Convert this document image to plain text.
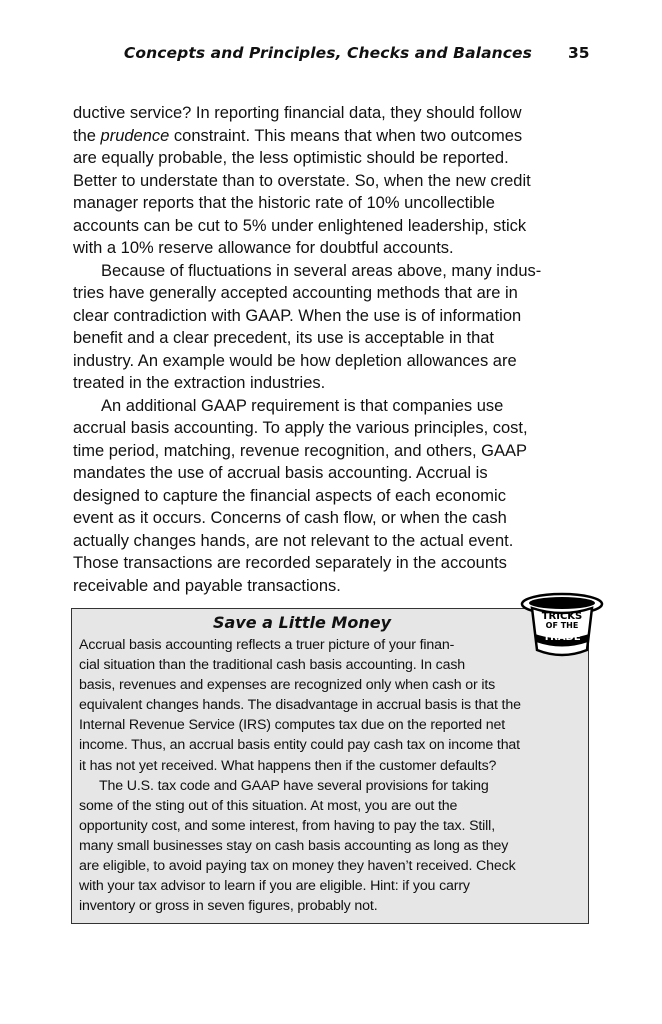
Concepts and Principles, Checks and Balances 35
ductive service? In reporting financial data, they should follow
the prudence constraint. This means that when two outcomes
are equally probable, the less optimistic should be reported.
Better to understate than to overstate. So, when the new credit
manager reports that the historic rate of 10% uncollectible
accounts can be cut to 5% under enlightened leadership, stick
with a 10% reserve allowance for doubtful accounts.
Because of fluctuations in several areas above, many indus-
tries have generally accepted accounting methods that are in
clear contradiction with GAAP. When the use is of information
benefit and a clear precedent, its use is acceptable in that
industry. An example would be how depletion allowances are
treated in the extraction industries.
An additional GAAP requirement is that companies use
accrual basis accounting. To apply the various principles, cost,
time period, matching, revenue recognition, and others, GAAP
mandates the use of accrual basis accounting. Accrual is
designed to capture the financial aspects of each economic
event as it occurs. Concerns of cash flow, or when the cash
actually changes hands, are not relevant to the actual event.
Those transactions are recorded separately in the accounts
receivable and payable transactions.
Save a Little Money
Accrual basis accounting reflects a truer picture of your finan-
cial situation than the traditional cash basis accounting. In cash
basis, revenues and expenses are recognized only when cash or its
equivalent changes hands. The disadvantage in accrual basis is that the
Internal Revenue Service (IRS) computes tax due on the reported net
income. Thus, an accrual basis entity could pay cash tax on income that
it has not yet received. What happens then if the customer defaults?
The U.S. tax code and GAAP have several provisions for taking
some of the sting out of this situation. At most, you are out the
opportunity cost, and some interest, from having to pay the tax. Still,
many small businesses stay on cash basis accounting as long as they
are eligible, to avoid paying tax on money they haven’t received. Check
with your tax advisor to learn if you are eligible. Hint: if you carry
inventory or gross in seven figures, probably not.
TRICKS
OF THE
TRADE
